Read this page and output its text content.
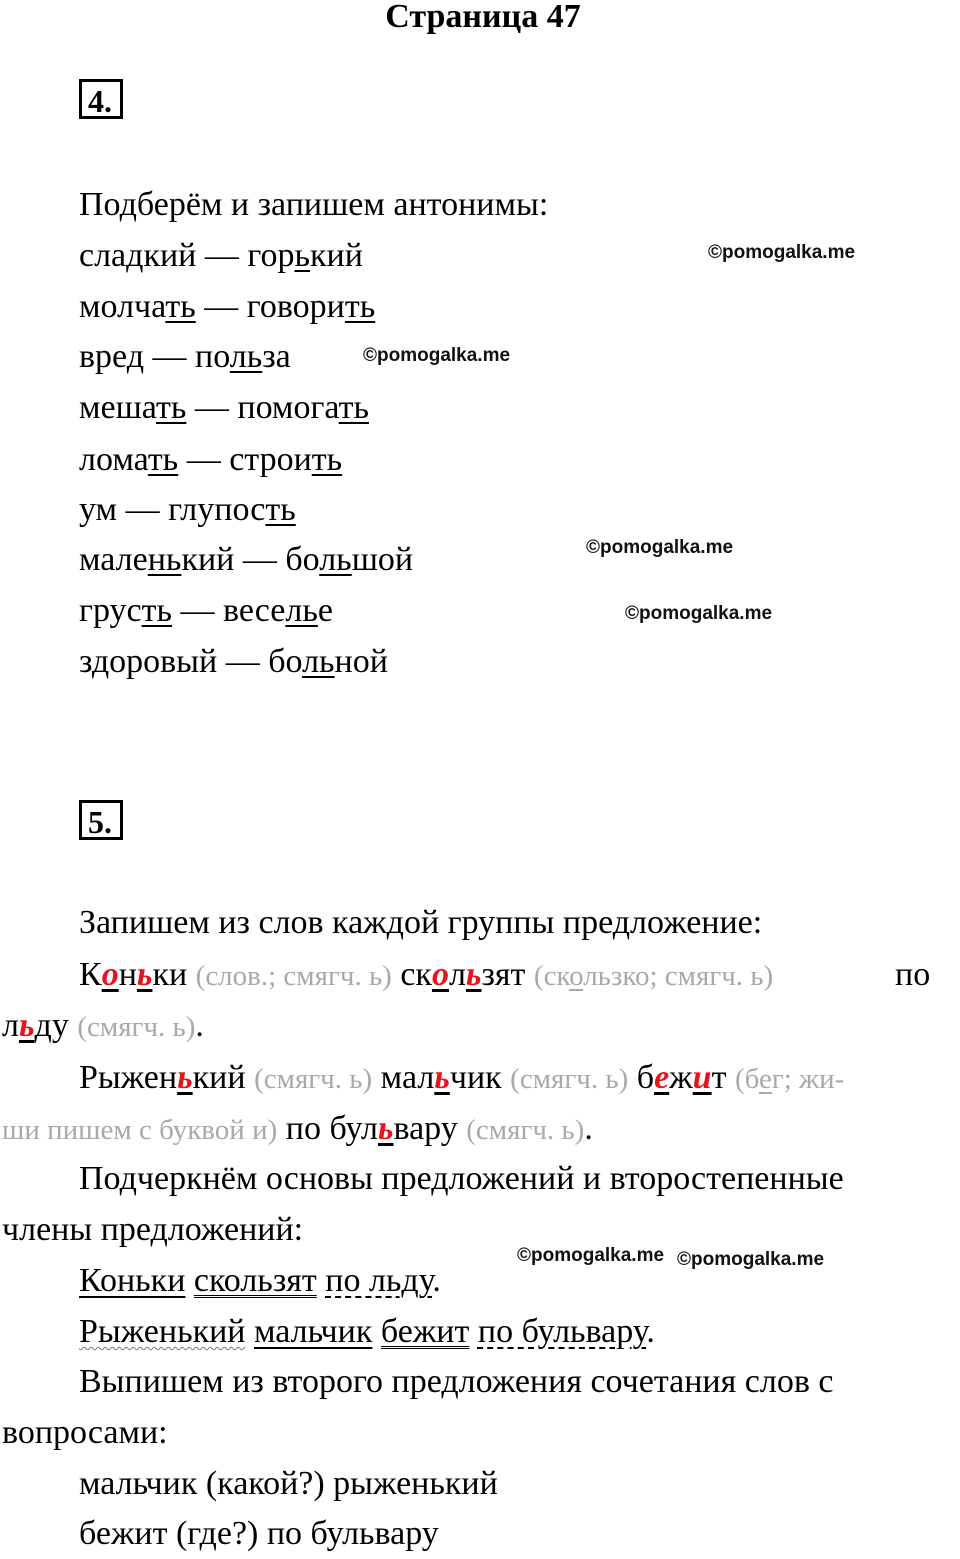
Страница 47
4.
Подберём и запишем антонимы:
сладкий — горький
молчать — говорить
вред — польза
мешать — помогать
ломать — строить
ум — глупость
маленький — большой
грусть — веселье
здоровый — больной
©pomogalka.me
©pomogalka.me
©pomogalka.me
©pomogalka.me
©pomogalka.me ©pomogalka.me
5.
Запишем из слов каждой группы предложение:
Коньки (слов.; смягч. ь) скользят (скользко; смягч. ь)	по
льду (смягч. ь).
Рыженький (смягч. ь) мальчик (смягч. ь) бежит (бег; жи-
ши пишем с буквой и) по бульвару (смягч. ь).
Подчеркнём основы предложений и второстепенные
члены предложений:
Коньки скользят по льду.
Рыженький мальчик бежит по бульвару.
Выпишем из второго предложения сочетания слов с
вопросами:
мальчик (какой?) рыженький
бежит (где?) по бульвару
